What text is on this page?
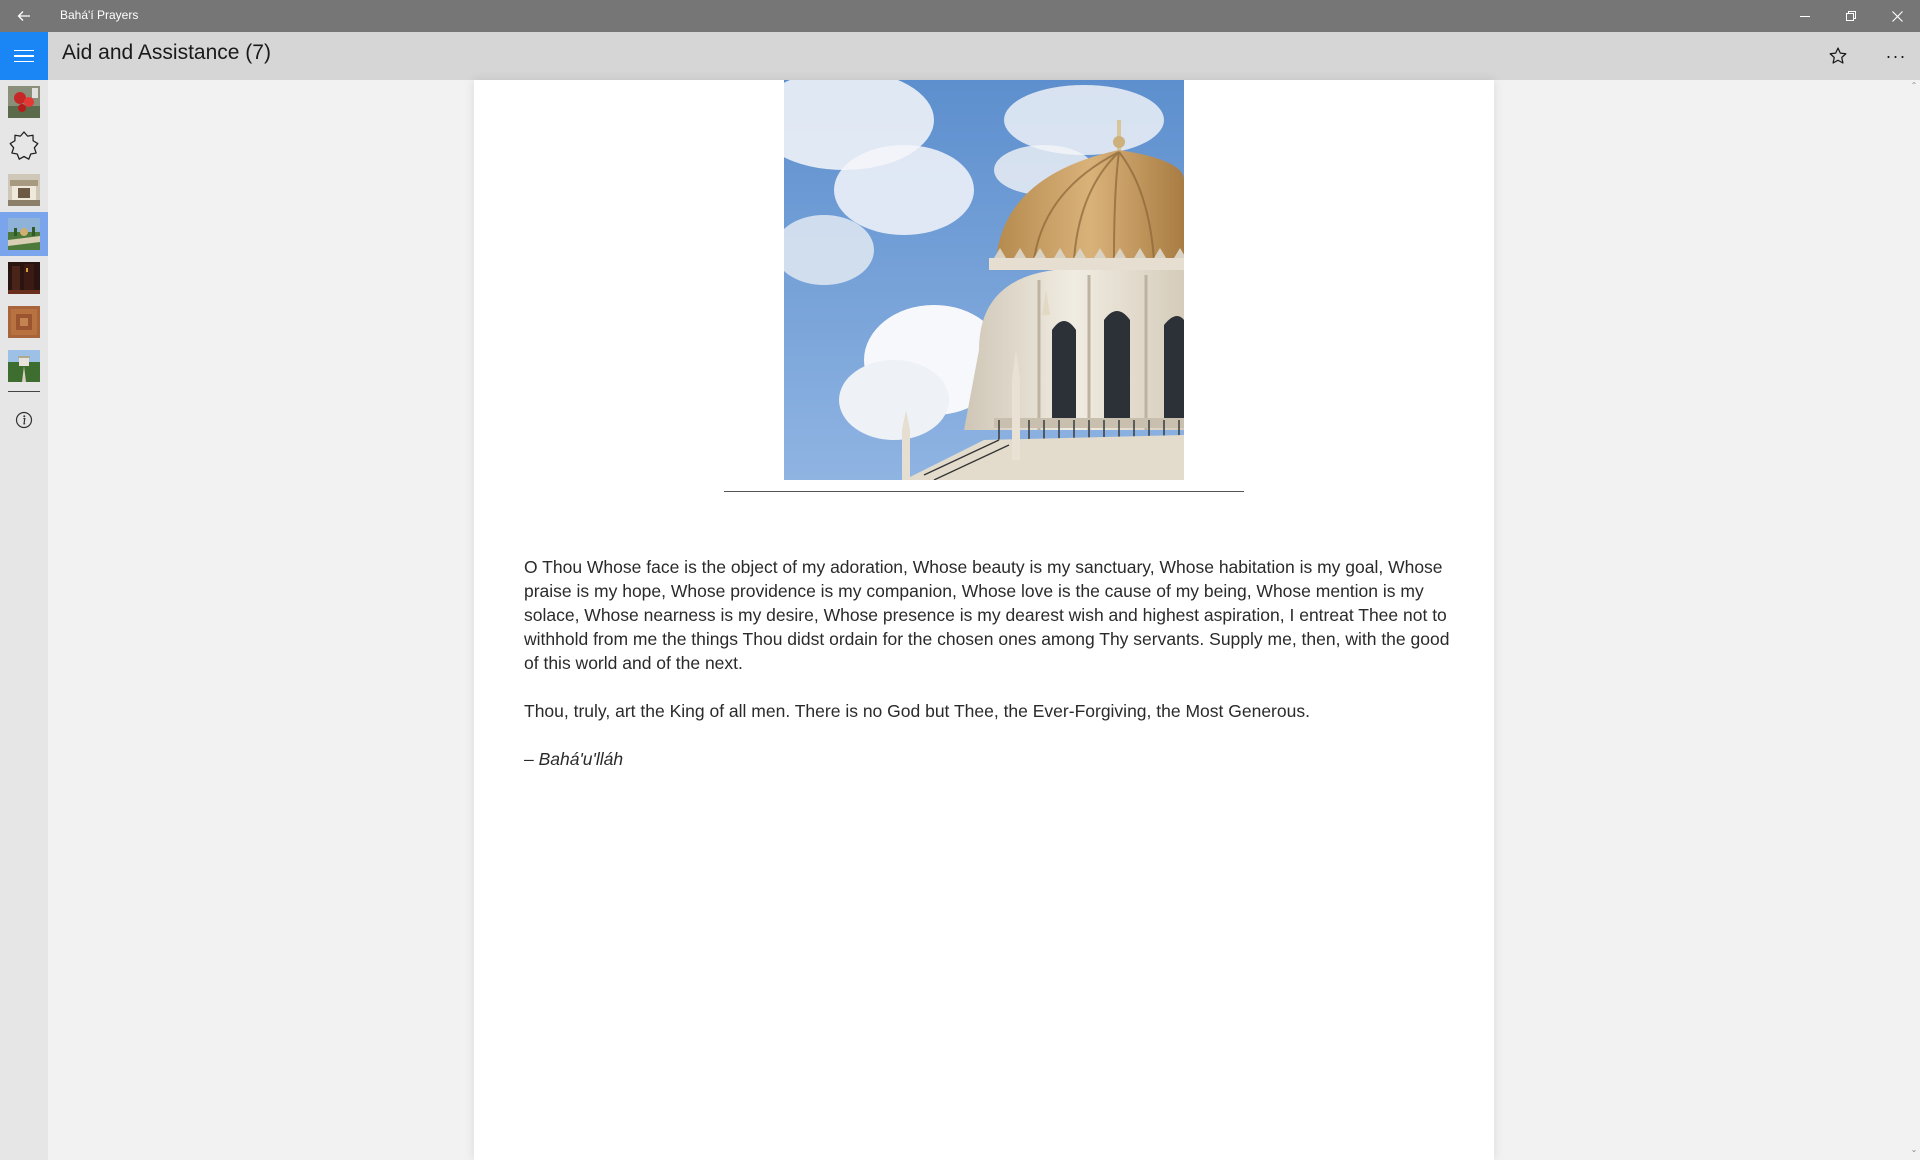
Bahá'í Prayers
Aid and Assistance (7)	···

O Thou Whose face is the object of my adoration, Whose beauty is my sanctuary, Whose habitation is my goal, Whose praise is my hope, Whose providence is my companion, Whose love is the cause of my being, Whose mention is my solace, Whose nearness is my desire, Whose presence is my dearest wish and highest aspiration, I entreat Thee not to withhold from me the things Thou didst ordain for the chosen ones among Thy servants. Supply me, then, with the good of this world and of the next.

Thou, truly, art the King of all men. There is no God but Thee, the Ever-Forgiving, the Most Generous.

– Bahá'u'lláh

⌃
⌄
